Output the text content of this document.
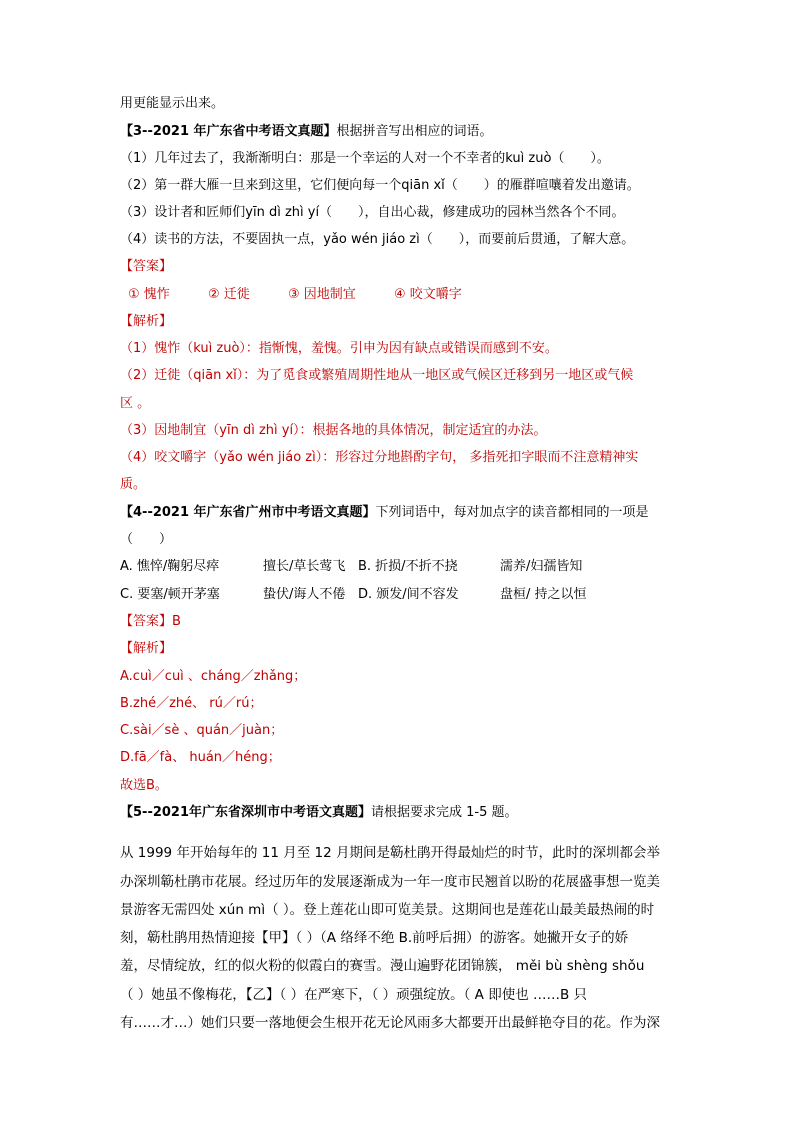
用更能显示出来。
【3--2021 年广东省中考语文真题】根据拼音写出相应的词语。
（1）几年过去了，我渐渐明白：那是一个幸运的人对一个不幸者的kuì zuò（　　）。
（2）第一群大雁一旦来到这里，它们便向每一个qiān xǐ（　　）的雁群喧嚷着发出邀请。
（3）设计者和匠师们yīn dì zhì yí（　　），自出心裁，修建成功的园林当然各个不同。
（4）读书的方法，不要固执一点，yǎo wén jiáo zì（　　），而要前后贯通，了解大意。
【答案】
① 愧怍	② 迁徙	③ 因地制宜	④ 咬文嚼字
【解析】
（1）愧怍（kuì zuò）：指惭愧，羞愧。引申为因有缺点或错误而感到不安。
（2）迁徙（qiān xǐ）：为了觅食或繁殖周期性地从一地区或气候区迁移到另一地区或气候
区 。
（3）因地制宜（yīn dì zhì yí）：根据各地的具体情况，制定适宜的办法。
（4）咬文嚼字（yǎo wén jiáo zì）：形容过分地斟酌字句， 多指死扣字眼而不注意精神实
质。
【4--2021 年广东省广州市中考语文真题】下列词语中，每对加点字的读音都相同的一项是
（　　）
A. 憔悴/鞠躬尽瘁	擅长/草长莺飞 B. 折损/不折不挠	濡养/妇孺皆知
C. 要塞/顿开茅塞	蛰伏/诲人不倦 D. 颁发/间不容发	盘桓/ 持之以恒
【答案】B
【解析】
A.cuì／cuì 、cháng／zhǎng；
B.zhé／zhé、 rú／rú；
C.sài／sè 、quán／juàn；
D.fā／fà、 huán／héng；
故选B。
【5--2021年广东省深圳市中考语文真题】请根据要求完成 1-5 题。
从 1999 年开始每年的 11 月至 12 月期间是簕杜鹃开得最灿烂的时节，此时的深圳都会举
办深圳簕杜鹃市花展。经过历年的发展逐渐成为一年一度市民翘首以盼的花展盛事想一览美
景游客无需四处 xún mì（ ）。登上莲花山即可览美景。这期间也是莲花山最美最热闹的时
刻，簕杜鹃用热情迎接【甲】（ ）（A 络绎不绝 B.前呼后拥）的游客。她撇开女子的娇
羞，尽情绽放，红的似火粉的似霞白的赛雪。漫山遍野花团锦簇， měi bù shèng shǒu
（ ）她虽不像梅花，【乙】（ ）在严寒下，（ ）顽强绽放。（ A 即使也 ……B 只
有……才…）她们只要一落地便会生根开花无论风雨多大都要开出最鲜艳夺目的花。作为深
